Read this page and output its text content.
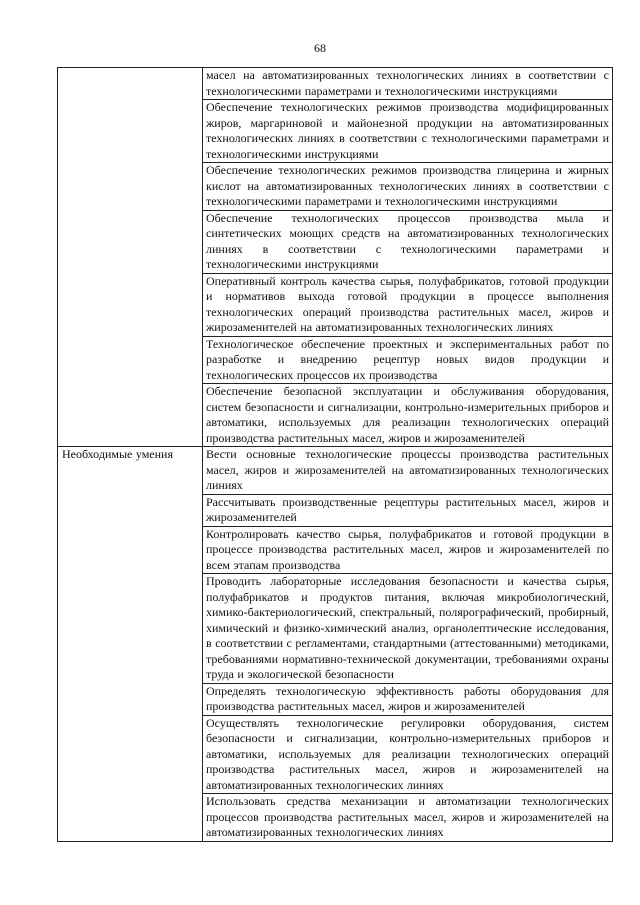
68
	масел на автоматизированных технологических линиях в соответствии с технологическими параметрами и технологическими инструкциями
	Обеспечение технологических режимов производства модифицированных жиров, маргариновой и майонезной продукции на автоматизированных технологических линиях в соответствии с технологическими параметрами и технологическими инструкциями
	Обеспечение технологических режимов производства глицерина и жирных кислот на автоматизированных технологических линиях в соответствии с технологическими параметрами и технологическими инструкциями
	Обеспечение технологических процессов производства мыла и синтетических моющих средств на автоматизированных технологических линиях в соответствии с технологическими параметрами и технологическими инструкциями
	Оперативный контроль качества сырья, полуфабрикатов, готовой продукции и нормативов выхода готовой продукции в процессе выполнения технологических операций производства растительных масел, жиров и жирозаменителей на автоматизированных технологических линиях
	Технологическое обеспечение проектных и экспериментальных работ по разработке и внедрению рецептур новых видов продукции и технологических процессов их производства
	Обеспечение безопасной эксплуатации и обслуживания оборудования, систем безопасности и сигнализации, контрольно-измерительных приборов и автоматики, используемых для реализации технологических операций производства растительных масел, жиров и жирозаменителей
Необходимые умения	Вести основные технологические процессы производства растительных масел, жиров и жирозаменителей на автоматизированных технологических линиях
	Рассчитывать производственные рецептуры растительных масел, жиров и жирозаменителей
	Контролировать качество сырья, полуфабрикатов и готовой продукции в процессе производства растительных масел, жиров и жирозаменителей по всем этапам производства
	Проводить лабораторные исследования безопасности и качества сырья, полуфабрикатов и продуктов питания, включая микробиологический, химико-бактериологический, спектральный, полярографический, пробирный, химический и физико-химический анализ, органолептические исследования, в соответствии с регламентами, стандартными (аттестованными) методиками, требованиями нормативно-технической документации, требованиями охраны труда и экологической безопасности
	Определять технологическую эффективность работы оборудования для производства растительных масел, жиров и жирозаменителей
	Осуществлять технологические регулировки оборудования, систем безопасности и сигнализации, контрольно-измерительных приборов и автоматики, используемых для реализации технологических операций производства растительных масел, жиров и жирозаменителей на автоматизированных технологических линиях
	Использовать средства механизации и автоматизации технологических процессов производства растительных масел, жиров и жирозаменителей на автоматизированных технологических линиях
